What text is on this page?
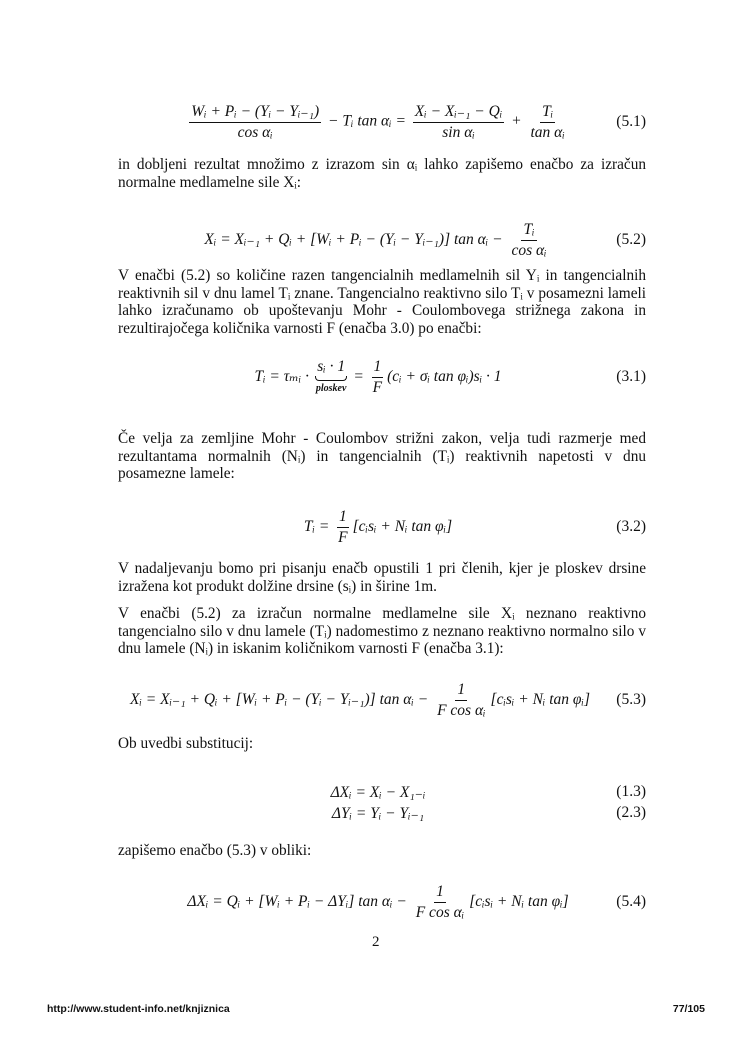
$\frac{\text{Wᵢ + Pᵢ − (Yᵢ − Yᵢ₋₁)}}{\text{cos αᵢ}}$ − Tᵢ tan αᵢ = $\frac{\text{Xᵢ − Xᵢ₋₁ − Qᵢ}}{\text{sin αᵢ}} + \frac{\text{Tᵢ}}{\text{tan αᵢ}}$	(5.1)
in dobljeni rezultat množimo z izrazom sin αᵢ lahko zapišemo enačbo za izračun normalne medlamelne sile Xᵢ:
Xᵢ = Xᵢ₋₁ + Qᵢ + [Wᵢ + Pᵢ − (Yᵢ − Yᵢ₋₁)] tan αᵢ − $\frac{\text{Tᵢ}}{\text{cos αᵢ}}$	(5.2)
V enačbi (5.2) so količine razen tangencialnih medlamelnih sil Yᵢ in tangencialnih reaktivnih sil v dnu lamel Tᵢ znane. Tangencialno reaktivno silo Tᵢ v posamezni lameli lahko izračunamo ob upoštevanju Mohr - Coulombovega strižnega zakona in rezultirajočega količnika varnosti F (enačba 3.0) po enačbi:
Tᵢ = τₘᵢ ·
sᵢ · 1
ploskev
= $\frac{1}{F}$ (cᵢ + σᵢ tan φᵢ)sᵢ · 1	(3.1)
Če velja za zemljine Mohr - Coulombov strižni zakon, velja tudi razmerje med rezultantama normalnih (Nᵢ) in tangencialnih (Tᵢ) reaktivnih napetosti v dnu posamezne lamele:
Tᵢ = $\frac{1}{F}$ [cᵢsᵢ + Nᵢ tan φᵢ]	(3.2)
V nadaljevanju bomo pri pisanju enačb opustili 1 pri členih, kjer je ploskev drsine izražena kot produkt dolžine drsine (sᵢ) in širine 1m.
V enačbi (5.2) za izračun normalne medlamelne sile Xᵢ neznano reaktivno tangencialno silo v dnu lamele (Tᵢ) nadomestimo z neznano reaktivno normalno silo v dnu lamele (Nᵢ) in iskanim količnikom varnosti F (enačba 3.1):
Xᵢ = Xᵢ₋₁ + Qᵢ + [Wᵢ + Pᵢ − (Yᵢ − Yᵢ₋₁)] tan αᵢ − $\frac{1}{\text{F cos αᵢ}}$ [cᵢsᵢ + Nᵢ tan φᵢ] (5.3)
Ob uvedbi substitucij:
ΔXᵢ = Xᵢ − X₁₋ᵢ	(1.3)
ΔYᵢ = Yᵢ − Yᵢ₋₁	(2.3)
zapišemo enačbo (5.3) v obliki:
ΔXᵢ = Qᵢ + [Wᵢ + Pᵢ − ΔYᵢ] tan αᵢ − $\frac{1}{\text{F cos αᵢ}}$ [cᵢsᵢ + Nᵢ tan φᵢ]	(5.4)
2
http://www.student-info.net/knjiznica	77/105
